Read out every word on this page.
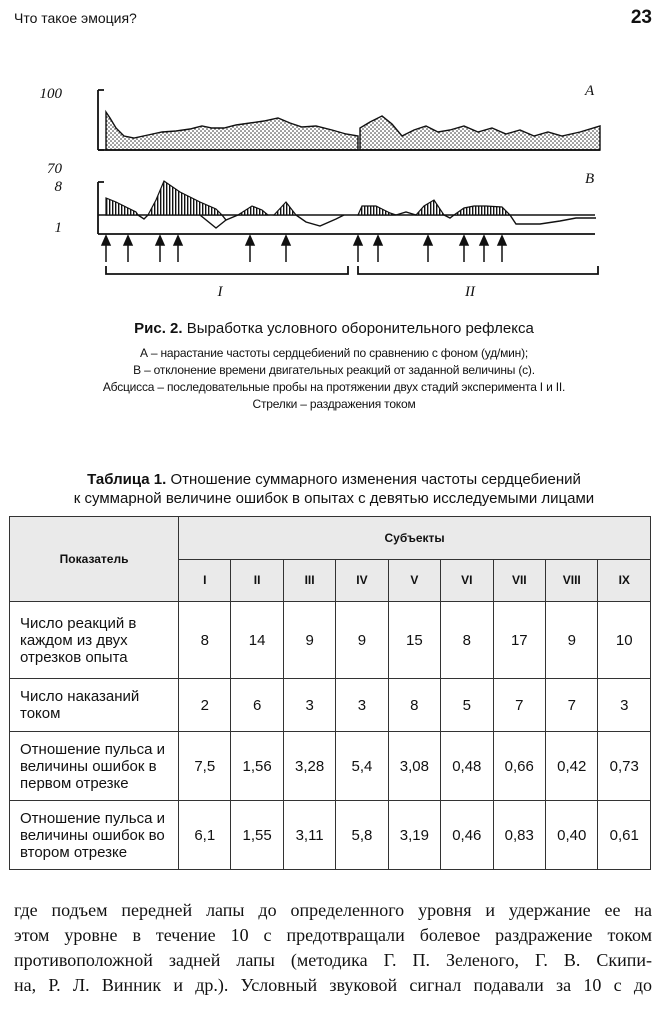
Что такое эмоция?	23
100
70
8
1
A
B
I	II
Рис. 2. Выработка условного оборонительного рефлекса
А – нарастание частоты сердцебиений по сравнению с фоном (уд/мин);
В – отклонение времени двигательных реакций от заданной величины (с).
Абсцисса – последовательные пробы на протяжении двух стадий эксперимента I и II.
Стрелки – раздражения током
Таблица 1. Отношение суммарного изменения частоты сердцебиений
к суммарной величине ошибок в опытах с девятью исследуемыми лицами
Показатель	Субъекты								
	I	II	III	IV	V	VI	VII	VIII	IX
Число реакций в каждом из двух отрезков опыта	8	14	9	9	15	8	17	9	10
Число наказаний током	2	6	3	3	8	5	7	7	3
Отношение пульса и величины ошибок в первом отрезке	7,5	1,56	3,28	5,4	3,08	0,48	0,66	0,42	0,73
Отношение пульса и величины ошибок во втором отрезке	6,1	1,55	3,11	5,8	3,19	0,46	0,83	0,40	0,61
где подъем передней лапы до определенного уровня и удержание ее на
этом уровне в течение 10 с предотвращали болевое раздражение током
противоположной задней лапы (методика Г. П. Зеленого, Г. В. Скипи-
на, Р. Л. Винник и др.). Условный звуковой сигнал подавали за 10 с до
